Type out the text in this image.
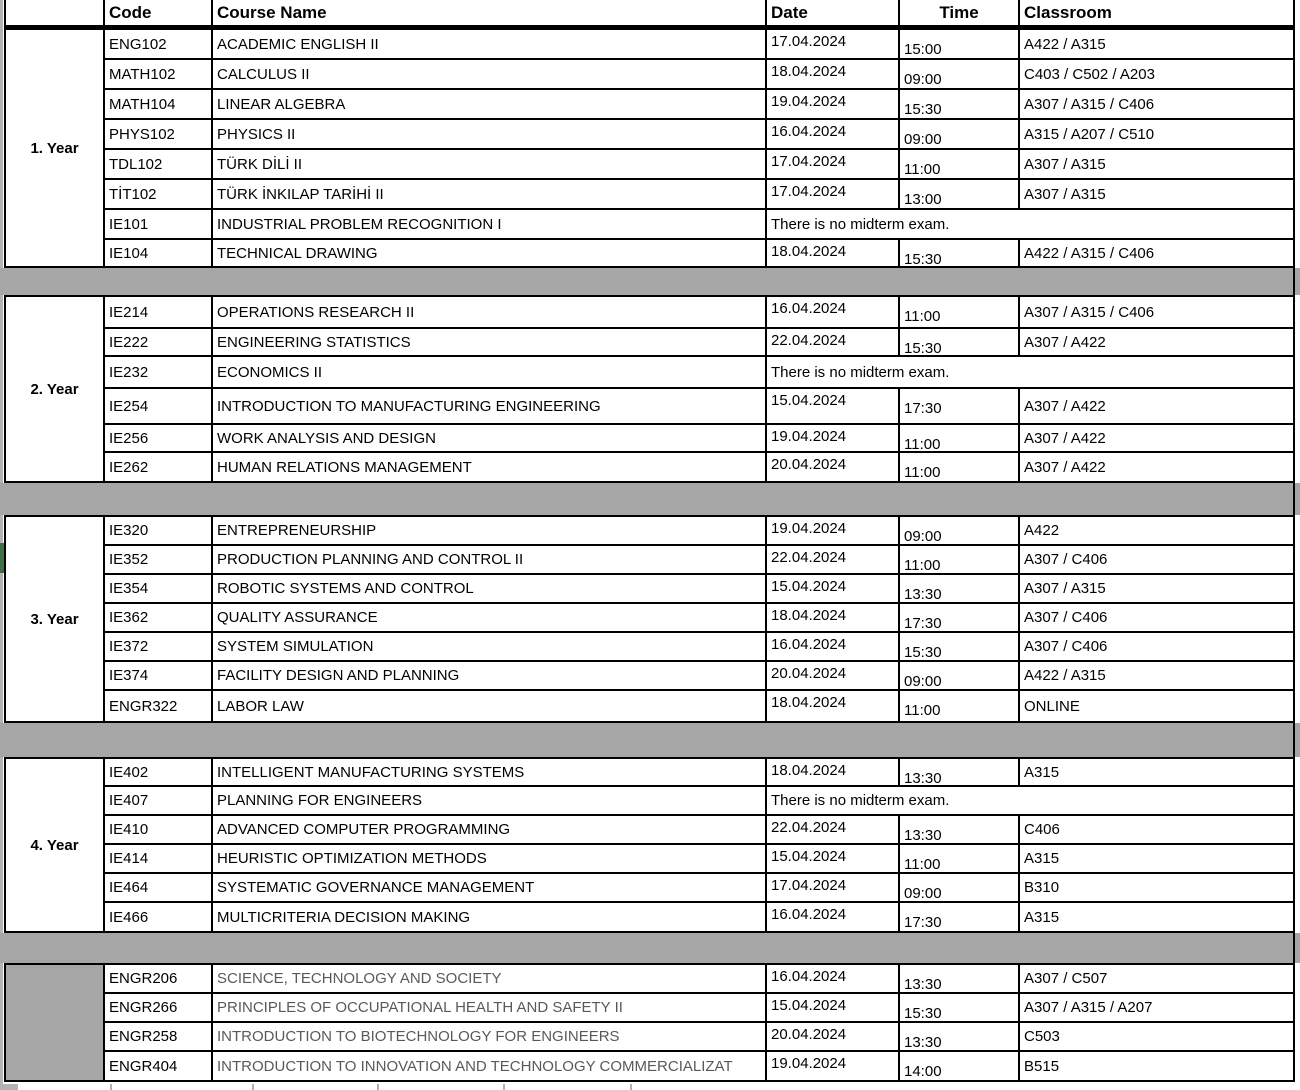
Code	Course Name	Date	Time	Classroom
1. Year
ENG102	ACADEMIC ENGLISH II	17.04.2024	15:00	A422 / A315
MATH102	CALCULUS II	18.04.2024	09:00	C403 / C502 / A203
MATH104	LINEAR ALGEBRA	19.04.2024	15:30	A307 / A315 / C406
PHYS102	PHYSICS II	16.04.2024	09:00	A315 / A207 / C510
TDL102	TÜRK DİLİ II	17.04.2024	11:00	A307 / A315
TİT102	TÜRK İNKILAP TARİHİ II	17.04.2024	13:00	A307 / A315
IE101	INDUSTRIAL PROBLEM RECOGNITION I	There is no midterm exam.
IE104	TECHNICAL DRAWING	18.04.2024	15:30	A422 / A315 / C406
2. Year
IE214	OPERATIONS RESEARCH II	16.04.2024	11:00	A307 / A315 / C406
IE222	ENGINEERING STATISTICS	22.04.2024	15:30	A307 / A422
IE232	ECONOMICS II	There is no midterm exam.
IE254	INTRODUCTION TO MANUFACTURING ENGINEERING	15.04.2024	17:30	A307 / A422
IE256	WORK ANALYSIS AND DESIGN	19.04.2024	11:00	A307 / A422
IE262	HUMAN RELATIONS MANAGEMENT	20.04.2024	11:00	A307 / A422
3. Year
IE320	ENTREPRENEURSHIP	19.04.2024	09:00	A422
IE352	PRODUCTION PLANNING AND CONTROL II	22.04.2024	11:00	A307 / C406
IE354	ROBOTIC SYSTEMS AND CONTROL	15.04.2024	13:30	A307 / A315
IE362	QUALITY ASSURANCE	18.04.2024	17:30	A307 / C406
IE372	SYSTEM SIMULATION	16.04.2024	15:30	A307 / C406
IE374	FACILITY DESIGN AND PLANNING	20.04.2024	09:00	A422 / A315
ENGR322	LABOR LAW	18.04.2024	11:00	ONLINE
4. Year
IE402	INTELLIGENT MANUFACTURING SYSTEMS	18.04.2024	13:30	A315
IE407	PLANNING FOR ENGINEERS	There is no midterm exam.
IE410	ADVANCED COMPUTER PROGRAMMING	22.04.2024	13:30	C406
IE414	HEURISTIC OPTIMIZATION METHODS	15.04.2024	11:00	A315
IE464	SYSTEMATIC GOVERNANCE MANAGEMENT	17.04.2024	09:00	B310
IE466	MULTICRITERIA DECISION MAKING	16.04.2024	17:30	A315
ENGR206	SCIENCE, TECHNOLOGY AND SOCIETY	16.04.2024	13:30	A307 / C507
ENGR266	PRINCIPLES OF OCCUPATIONAL HEALTH AND SAFETY II	15.04.2024	15:30	A307 / A315 / A207
ENGR258	INTRODUCTION TO BIOTECHNOLOGY FOR ENGINEERS	20.04.2024	13:30	C503
ENGR404	INTRODUCTION TO INNOVATION AND TECHNOLOGY COMMERCIALIZAT	19.04.2024	14:00	B515
